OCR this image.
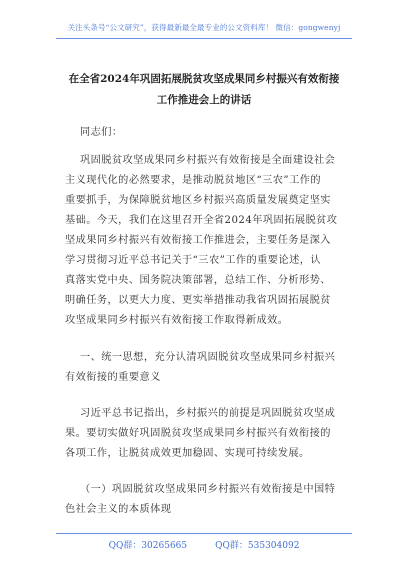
关注头条号“公文研究”，获得最新最全最专业的公文资料库！ 微信：gongwenyj
在全省2024年巩固拓展脱贫攻坚成果同乡村振兴有效衔接
工作推进会上的讲话
同志们：
巩固脱贫攻坚成果同乡村振兴有效衔接是全面建设社会
主义现代化的必然要求，是推动脱贫地区“三农”工作的
重要抓手，为保障脱贫地区乡村振兴高质量发展奠定坚实
基础。今天，我们在这里召开全省2024年巩固拓展脱贫攻
坚成果同乡村振兴有效衔接工作推进会，主要任务是深入
学习贯彻习近平总书记关于“三农”工作的重要论述，认
真落实党中央、国务院决策部署，总结工作、分析形势、
明确任务，以更大力度、更实举措推动我省巩固拓展脱贫
攻坚成果同乡村振兴有效衔接工作取得新成效。
一、统一思想，充分认清巩固脱贫攻坚成果同乡村振兴
有效衔接的重要意义
习近平总书记指出，乡村振兴的前提是巩固脱贫攻坚成
果。要切实做好巩固脱贫攻坚成果同乡村振兴有效衔接的
各项工作，让脱贫成效更加稳固、实现可持续发展。
（一）巩固脱贫攻坚成果同乡村振兴有效衔接是中国特
色社会主义的本质体现
QQ群：30265665	QQ群：535304092
